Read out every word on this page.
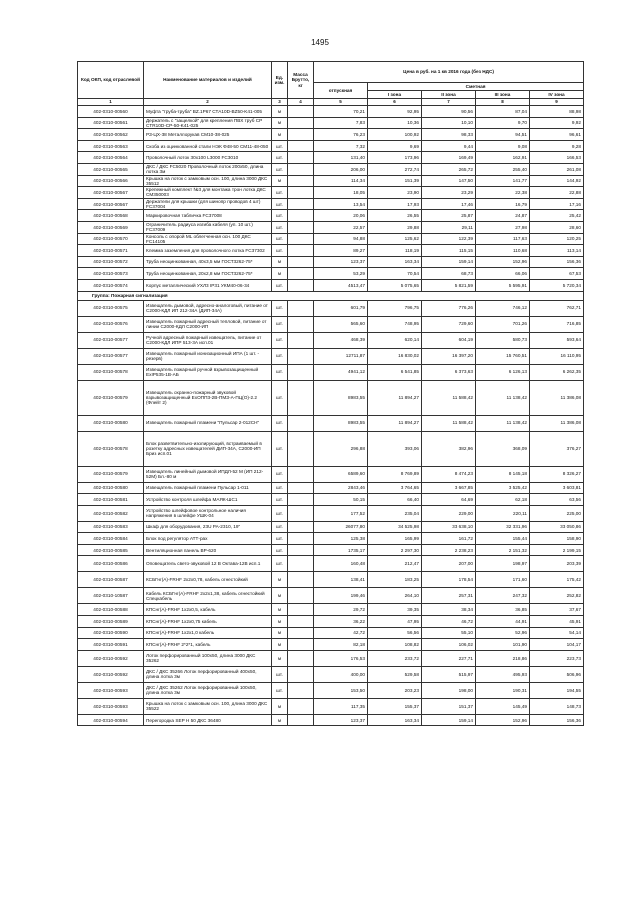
1495
Код ОКП, код отраслевой	Наименование материалов и изделий	Ед. изм.	Масса Брутто, кг	Цена в руб. на 1 кв 2016 года (без НДС)				
				отпускная	Сметная			
					I зона	II зона	III зона	IV зона
1	2	3	4	5	6	7	8	9
402-0310-00560	Муфта "труба-труба" BZ.1P67 СТА10D-BZ50-K41-005	м		70,21	92,95	90,56	87,04	88,98
402-0310-00561	Держатель с "защелкой" для крепления ПВХ труб CP CTR10D-CP-50-K41-025	м		7,83	10,36	10,10	9,70	9,92
402-0310-00562	РЗ-ЦХ-38 Металлорукав СМ10-38-025	м		76,23	100,92	98,33	94,51	96,61
402-0310-00563	Скоба из оцинкованной стали НЭК Ф48-50 СМ11-48-050	шт.		7,32	9,69	9,44	9,08	9,28
402-0310-00564	Проволочный лоток 30х100 L3000 FC3010	шт.		131,40	173,96	169,49	162,91	166,53
402-0310-00565	ДКС / ДКС FC5020 Проволочный лоток 200х50, длина лотка 3м	шт.		206,00	272,74	265,72	255,40	261,08
402-0310-00566	Крышка на лоток с замковым осн. 100, длина 3000 ДКС 35512	м		114,34	151,39	147,50	141,77	144,92
402-0310-00567	Крепежный комплект №3 для монтажа трон лотка ДКС СМ350003	шт.		18,05	23,90	23,29	22,38	22,88
402-0310-00567	Держатели для крышки (для шинопр проводов 4 шт) FC37004	шт.		13,54	17,93	17,46	16,79	17,16
402-0310-00568	Маркировочная табличка FC37008	шт.		20,06	26,55	25,87	24,87	25,42
402-0310-00569	Ограничитель радиуса изгиба кабеля (уп. 10 шт.) FC37009	шт.		22,57	29,88	29,11	27,98	28,60
402-0310-00570	Консоль с опорой ML облегченная осн. 100 ДКС FC14105	шт.		94,88	125,62	122,39	117,63	120,25
402-0310-00571	Клемма заземления для проволочного лотка FC37302	шт.		89,27	118,19	115,15	110,68	113,14
402-0310-00572	Труба неоцинкованная, 40х3,5 мм ГОСТ3262-75*	м		123,37	163,34	159,14	152,96	156,36
402-0310-00573	Труба неоцинкованная, 20х2,8 мм ГОСТ3262-75*	м		53,29	70,54	68,73	66,06	67,53
402-0310-00574	Корпус металлический УХЛ3 IP31 УКМ40-06-34	шт.		4513,47	5 075,65	5 821,59	5 595,91	5 720,34
Группа: Пожарная сигнализация								
402-0310-00575	Извещатель дымовой, адресно-аналоговый, питание от С2000-КДЛ ИП 212-34А (ДИП-34А)	шт.		601,79	796,75	776,26	746,12	762,71
402-0310-00576	Извещатель пожарный адресный тепловой, питание от линии С2000-КДЛ С2000-ИП	шт.		565,60	748,95	729,60	701,26	716,85
402-0310-00577	Ручной адресный пожарный извещатель, питание от С2000-КДЛ ИПР 513-3А исп.01	шт.		468,39	620,14	604,19	580,73	593,64
402-0310-00577	Извещатель пожарный ионизационный ИПА (1 шт. - резерв)	шт.		12711,87	16 830,02	16 397,20	15 760,51	16 110,95
402-0310-00578	Извещатель пожарный ручной взрывозащищенный ExIP535-1В-АБ	шт.		4941,12	6 541,85	6 373,63	6 126,13	6 262,35
402-0310-00579	Извещатель охранно-пожарный звуковой взрывозащищенный ЕхОПП3-2В-ПМЗ-А-ПЦ(О)-2.2 (Флейт 2)	шт.		8983,55	11 894,27	11 588,42	11 138,42	11 386,08
402-0310-00580	Извещатель пожарный пламени "Пульсар 2-012СН"	шт.		8983,55	11 894,27	11 588,42	11 138,42	11 386,08
402-0310-00578	Блок разветвительно-изолирующий, встраиваемый в розетку адресных извещателей ДИП-34А, С2000-ИП Бриз исп.01	шт.		296,88	393,06	382,96	368,09	376,27
402-0310-00579	Извещатель линейный дымовой ИПДЛ-52 М (ИП 212-52М) Бл.-80 м	шт.		6589,60	8 769,89	8 474,23	8 145,18	8 326,27
402-0310-00580	Извещатель пожарный пламени Пульсар 1-011	шт.		2843,46	3 764,65	3 667,85	3 525,42	3 603,81
402-0310-00581	Устройство контроля шлейфа МАЯК-ШС1	шт.		50,15	66,40	64,69	62,18	63,56
402-0310-00582	Устройство шлейфовое контрольное наличия напряжения в шлейфе УШК-04	шт.		177,52	235,04	229,00	220,11	225,00
402-0310-00583	Шкаф для оборудования, 23U PA-2310, 19"	шт.		26077,80	34 525,98	33 638,10	32 331,96	33 050,86
402-0310-00584	Блок под регулятор АТТ-рах	шт.		125,38	165,99	161,72	155,44	158,90
402-0310-00585	Вентиляционная панель ВР-620	шт.		1735,17	2 297,30	2 238,23	2 151,32	2 199,15
402-0310-00586	Оповещатель свето-звуковой 12 В Октава-12В исп.1	шт.		160,48	212,47	207,00	198,97	203,39
402-0310-00587	КСБГнг(А)-FRHF 2х2х0,78, кабель огнестойкий	м		138,41	183,25	178,54	171,60	175,42
402-0310-10587	Кабель КСБГнг(А)-FRHF 2х2х1,38, кабель огнестойкий Спецкабель	м		199,46	264,10	257,31	247,32	252,82
402-0310-00588	КПСнг(А)-FRHF 1х2х0,5, кабель	м		29,72	39,35	38,34	36,85	37,67
402-0310-00589	КПСнг(А)-FRHF 1х2х0,75 кабель	м		36,22	47,95	46,72	44,91	45,91
402-0310-00590	КПСнг(А)-FRHF 1х2х1,0 кабель	м		42,72	56,56	55,10	52,96	54,14
402-0310-00591	КПСнг(А)-FRHF 2*2*1, кабель	м		82,18	108,82	106,02	101,90	104,17
402-0310-00592	Лоток перфорированный 100х50, длина 3000 ДКС 35262	м		176,53	233,72	227,71	218,86	223,73
402-0310-00592	ДКС / ДКС 35266 Лоток перфорированный 400х50, длина лотка 3м	шт.		400,00	529,58	515,97	495,93	506,96
402-0310-00593	ДКС / ДКС 35262 Лоток перфорированный 100х50, длина лотка 3м	шт.		153,50	203,23	198,00	190,31	194,55
402-0310-00593	Крышка на лоток с замковым осн. 100, длина 3000 ДКС 35522	м		117,35	155,37	151,37	145,49	148,73
402-0310-00594	Перегородка SEP H 50 ДКС 36480	м		123,37	163,34	159,14	152,96	156,36
